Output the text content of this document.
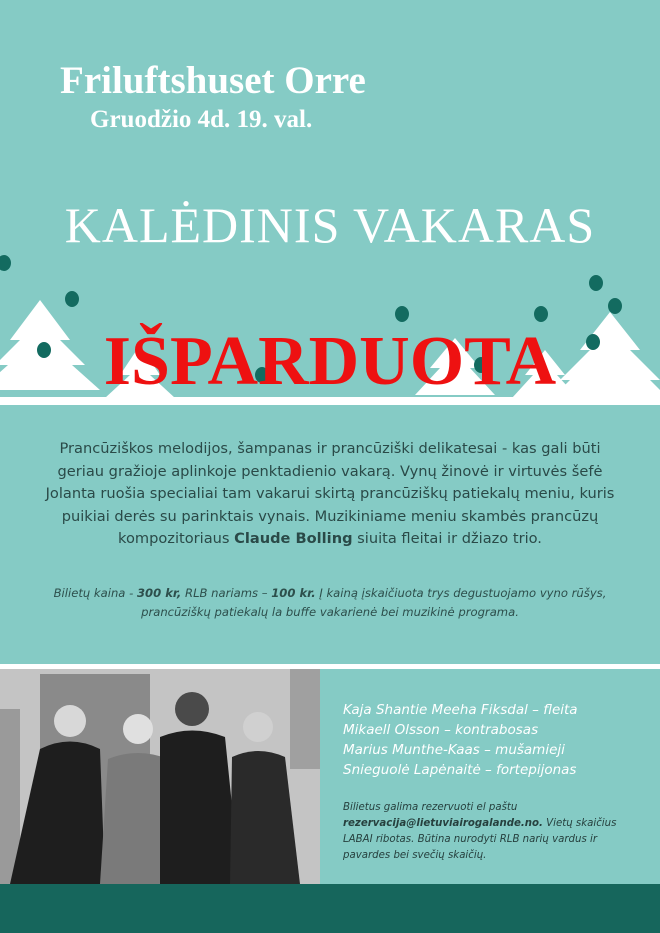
Friluftshuset Orre
Gruodžio 4d. 19. val.
KALĖDINIS VAKARAS
IŠPARDUOTA
Prancūziškos melodijos, šampanas ir prancūziški delikatesai - kas gali būti geriau gražioje aplinkoje penktadienio vakarą. Vynų žinovė ir virtuvės šefė Jolanta ruošia specialiai tam vakarui skirtą prancūziškų patiekalų meniu, kuris puikiai derės su parinktais vynais. Muzikiniame meniu skambės prancūzų kompozitoriaus Claude Bolling siuita fleitai ir džiazo trio.
Bilietų kaina - 300 kr, RLB nariams – 100 kr. Į kainą įskaičiuota trys degustuojamo vyno rūšys, prancūziškų patiekalų la buffe vakarienė bei muzikinė programa.
Kaja Shantie Meeha Fiksdal – fleita
Mikaell Olsson – kontrabosas
Marius Munthe-Kaas – mušamieji
Snieguolė Lapėnaitė – fortepijonas
Bilietus galima rezervuoti el paštu
rezervacija@lietuviairogalande.no. Vietų skaičius LABAI ribotas. Būtina nurodyti RLB narių vardus ir pavardes bei svečių skaičių.
